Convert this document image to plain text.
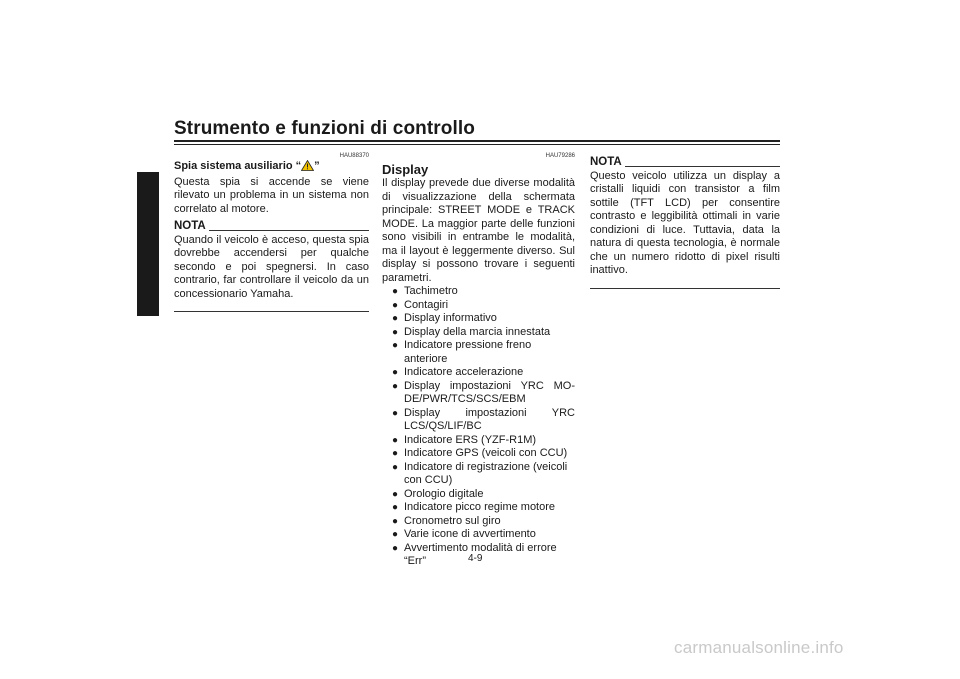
Strumento e funzioni di controllo
4
HAU88370
Spia sistema ausiliario “ ”
Questa spia si accende se viene rilevato un problema in un sistema non correlato al motore.
NOTA
Quando il veicolo è acceso, questa spia dovrebbe accendersi per qualche secondo e poi spegnersi. In caso contrario, far controllare il veicolo da un concessionario Yamaha.
HAU79286
Display
Il display prevede due diverse modalità di visualizzazione della schermata principale: STREET MODE e TRACK MODE. La maggior parte delle funzioni sono visibili in entrambe le modalità, ma il layout è leggermente diverso. Sul display si possono trovare i seguenti parametri.
● Tachimetro
● Contagiri
● Display informativo
● Display della marcia innestata
● Indicatore pressione freno anteriore
● Indicatore accelerazione
● Display impostazioni YRC MODE/PWR/TCS/SCS/EBM
● Display impostazioni YRC LCS/QS/LIF/BC
● Indicatore ERS (YZF-R1M)
● Indicatore GPS (veicoli con CCU)
● Indicatore di registrazione (veicoli con CCU)
● Orologio digitale
● Indicatore picco regime motore
● Cronometro sul giro
● Varie icone di avvertimento
● Avvertimento modalità di errore “Err”
NOTA
Questo veicolo utilizza un display a cristalli liquidi con transistor a film sottile (TFT LCD) per consentire contrasto e leggibilità ottimali in varie condizioni di luce. Tuttavia, data la natura di questa tecnologia, è normale che un numero ridotto di pixel risulti inattivo.
4-9
carmanualsonline.info
